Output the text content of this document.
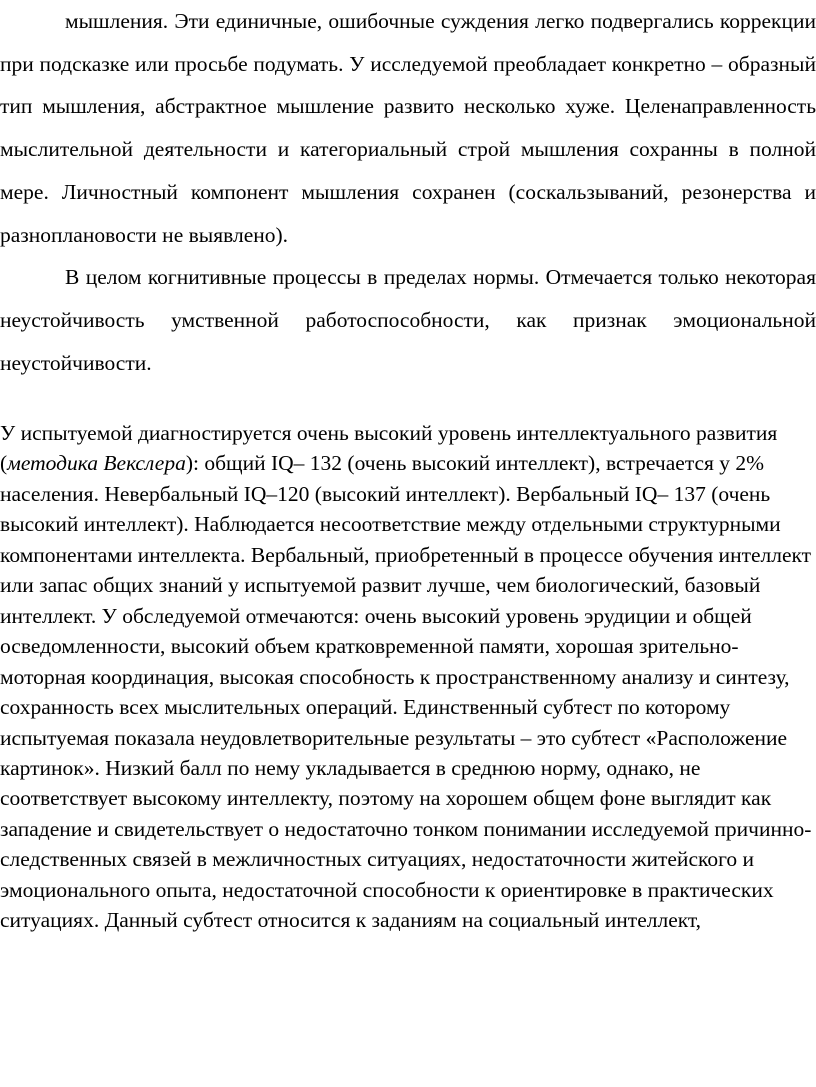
мышления. Эти единичные, ошибочные суждения легко подвергались коррекции при подсказке или просьбе подумать. У исследуемой преобладает конкретно – образный тип мышления, абстрактное мышление развито несколько хуже. Целенаправленность мыслительной деятельности и категориальный строй мышления сохранны в полной мере. Личностный компонент мышления сохранен (соскальзываний, резонерства и разноплановости не выявлено).

В целом когнитивные процессы в пределах нормы. Отмечается только некоторая неустойчивость умственной работоспособности, как признак эмоциональной неустойчивости.

У испытуемой диагностируется очень высокий уровень интеллектуального развития (методика Векслера): общий IQ– 132 (очень высокий интеллект), встречается у 2% населения. Невербальный IQ–120 (высокий интеллект). Вербальный IQ– 137 (очень высокий интеллект). Наблюдается несоответствие между отдельными структурными компонентами интеллекта. Вербальный, приобретенный в процессе обучения интеллект или запас общих знаний у испытуемой развит лучше, чем биологический, базовый интеллект. У обследуемой отмечаются: очень высокий уровень эрудиции и общей осведомленности, высокий объем кратковременной памяти, хорошая зрительно-моторная координация, высокая способность к пространственному анализу и синтезу, сохранность всех мыслительных операций. Единственный субтест по которому испытуемая показала неудовлетворительные результаты – это субтест «Расположение картинок». Низкий балл по нему укладывается в среднюю норму, однако, не соответствует высокому интеллекту, поэтому на хорошем общем фоне выглядит как западение и свидетельствует о недостаточно тонком понимании исследуемой причинно-следственных связей в межличностных ситуациях, недостаточности житейского и эмоционального опыта, недостаточной способности к ориентировке в практических ситуациях. Данный субтест относится к заданиям на социальный интеллект,
